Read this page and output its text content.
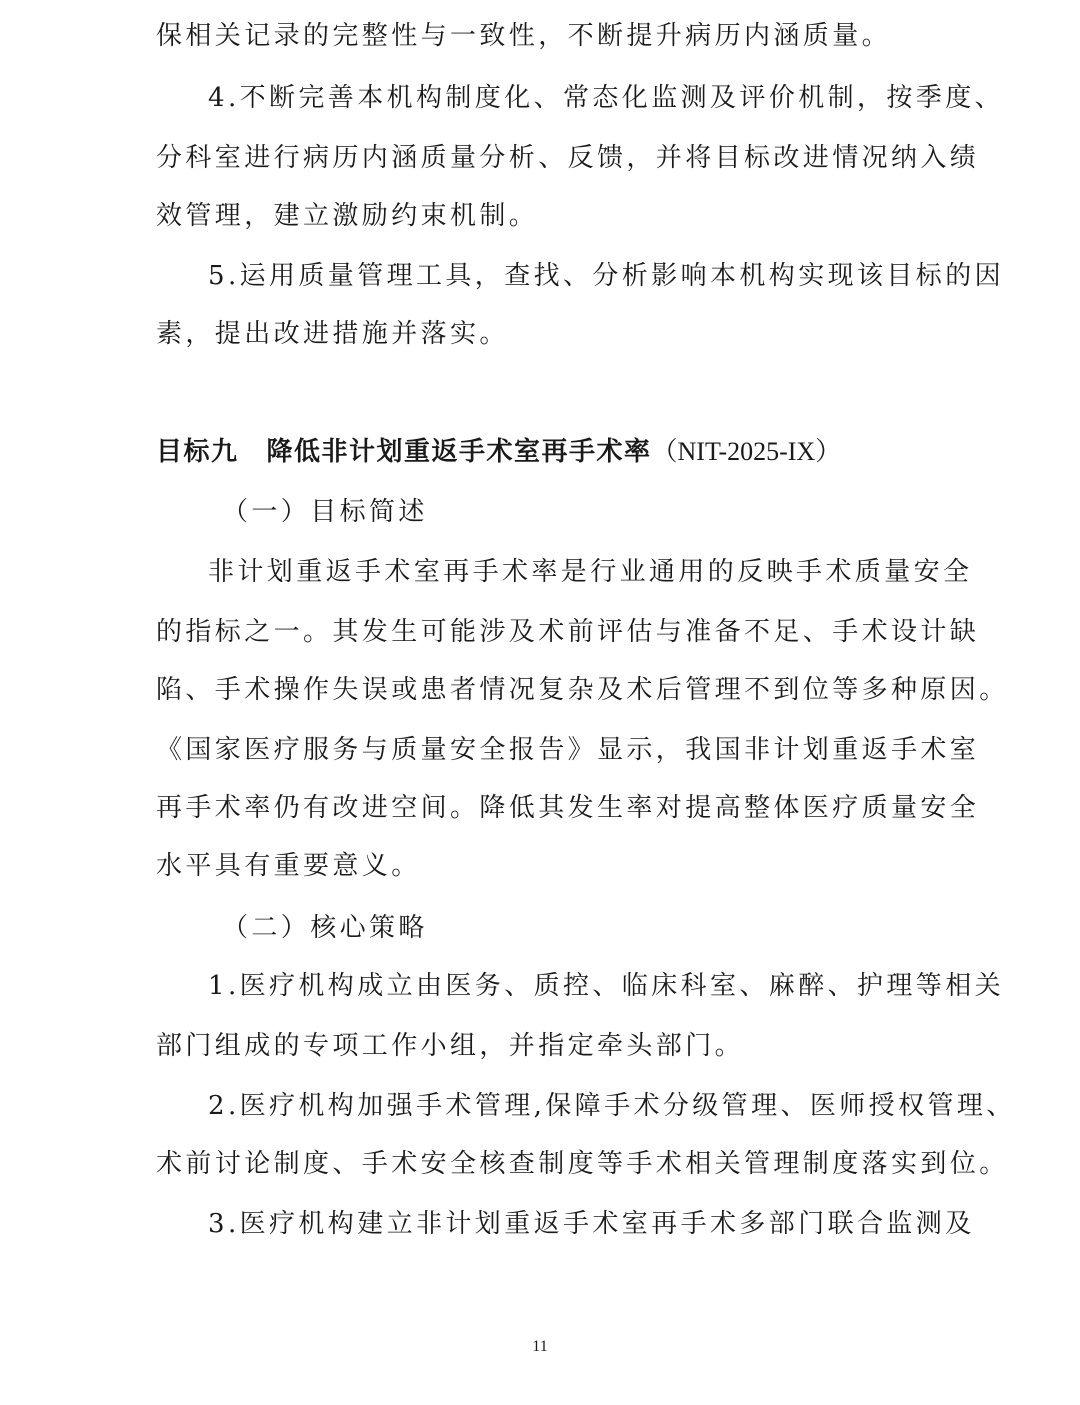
保相关记录的完整性与一致性，不断提升病历内涵质量。
4.不断完善本机构制度化、常态化监测及评价机制，按季度、
分科室进行病历内涵质量分析、反馈，并将目标改进情况纳入绩
效管理，建立激励约束机制。
5.运用质量管理工具，查找、分析影响本机构实现该目标的因
素，提出改进措施并落实。
目标九 降低非计划重返手术室再手术率（NIT-2025-IX）
（一）目标简述
非计划重返手术室再手术率是行业通用的反映手术质量安全
的指标之一。其发生可能涉及术前评估与准备不足、手术设计缺
陷、手术操作失误或患者情况复杂及术后管理不到位等多种原因。
《国家医疗服务与质量安全报告》显示，我国非计划重返手术室
再手术率仍有改进空间。降低其发生率对提高整体医疗质量安全
水平具有重要意义。
（二）核心策略
1.医疗机构成立由医务、质控、临床科室、麻醉、护理等相关
部门组成的专项工作小组，并指定牵头部门。
2.医疗机构加强手术管理,保障手术分级管理、医师授权管理、
术前讨论制度、手术安全核查制度等手术相关管理制度落实到位。
3.医疗机构建立非计划重返手术室再手术多部门联合监测及
11
